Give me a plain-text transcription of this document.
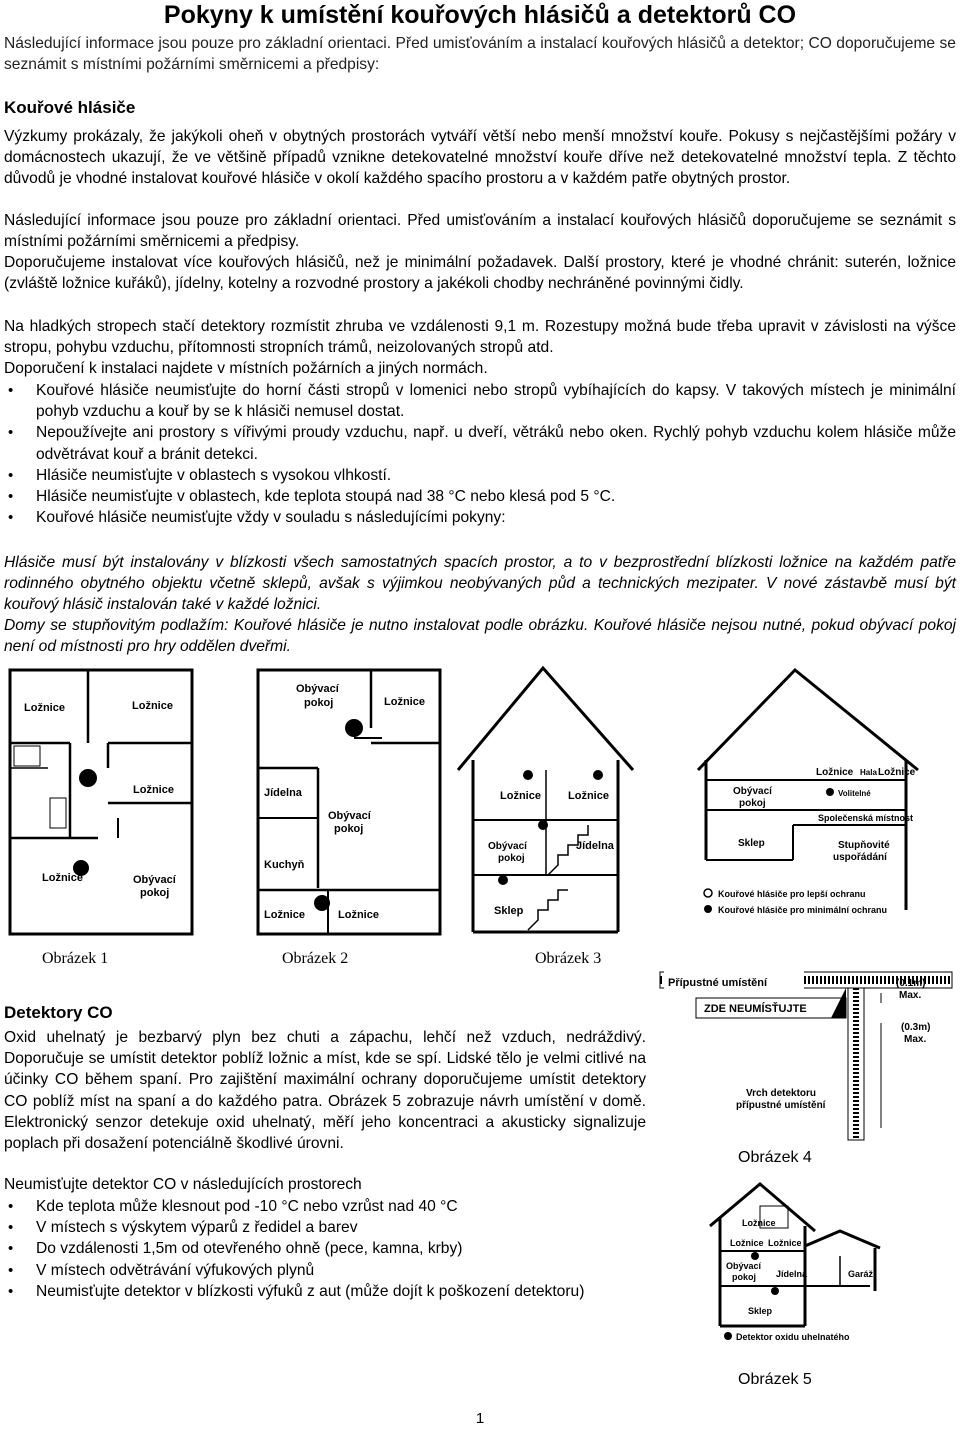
Pokyny k umístění kouřových hlásičů a detektorů CO

Následující informace jsou pouze pro základní orientaci. Před umisťováním a instalací kouřových hlásičů a detektor; CO doporučujeme se seznámit s místními požárními směrnicemi a předpisy:

Kouřové hlásiče

Výzkumy prokázaly, že jakýkoli oheň v obytných prostorách vytváří větší nebo menší množství kouře. Pokusy s nejčastějšími požáry v domácnostech ukazují, že ve většině případů vznikne detekovatelné množství kouře dříve než detekovatelné množství tepla. Z těchto důvodů je vhodné instalovat kouřové hlásiče v okolí každého spacího prostoru a v každém patře obytných prostor.

Následující informace jsou pouze pro základní orientaci. Před umisťováním a instalací kouřových hlásičů doporučujeme se seznámit s místními požárními směrnicemi a předpisy.

Doporučujeme instalovat více kouřových hlásičů, než je minimální požadavek. Další prostory, které je vhodné chránit: suterén, ložnice (zvláště ložnice kuřáků), jídelny, kotelny a rozvodné prostory a jakékoli chodby nechráněné povinnými čidly.

Na hladkých stropech stačí detektory rozmístit zhruba ve vzdálenosti 9,1 m. Rozestupy možná bude třeba upravit v závislosti na výšce stropu, pohybu vzduchu, přítomnosti stropních trámů, neizolovaných stropů atd.

Doporučení k instalaci najdete v místních požárních a jiných normách.

• Kouřové hlásiče neumisťujte do horní části stropů v lomenici nebo stropů vybíhajících do kapsy. V takových místech je minimální pohyb vzduchu a kouř by se k hlásiči nemusel dostat.
• Nepoužívejte ani prostory s vířivými proudy vzduchu, např. u dveří, větráků nebo oken. Rychlý pohyb vzduchu kolem hlásiče může odvětrávat kouř a bránit detekci.
• Hlásiče neumisťujte v oblastech s vysokou vlhkostí.
• Hlásiče neumisťujte v oblastech, kde teplota stoupá nad 38 °C nebo klesá pod 5 °C.
• Kouřové hlásiče neumisťujte vždy v souladu s následujícími pokyny:

Hlásiče musí být instalovány v blízkosti všech samostatných spacích prostor, a to v bezprostřední blízkosti ložnice na každém patře rodinného obytného objektu včetně sklepů, avšak s výjimkou neobývaných půd a technických mezipater. V nové zástavbě musí být kouřový hlásič instalován také v každé ložnici.

Domy se stupňovitým podlažím: Kouřové hlásiče je nutno instalovat podle obrázku. Kouřové hlásiče nejsou nutné, pokud obývací pokoj není od místnosti pro hry oddělen dveřmi.

Ložnice	Ložnice
Ložnice
Ložnice	Obývací
pokoj
Obývací
pokoj	Ložnice
Jídelna
Obývací
pokoj
Kuchyň
Ložnice	Ložnice
Ložnice Ložnice
Obývací
pokoj
Jídelna
Sklep
Ložnice Hala Ložnice
Obývací
pokoj
Volitelné
Společenská místnost
Sklep	Stupňovité
uspořádání
Kouřové hlásiče pro lepší ochranu
Kouřové hlásiče pro minimální ochranu
Obrázek 1	Obrázek 2	Obrázek 3
Přípustné umístění
ZDE NEUMÍSŤUJTE
Vrch detektoru
přípustné umístění
(0.1m)
Max.
(0.3m)
Max.
Obrázek 4
Ložnice
Ložnice Ložnice
Obývací
pokoj Jídelna	Garáž
Sklep
Detektor oxidu uhelnatého
Obrázek 5
Detektory CO

Oxid uhelnatý je bezbarvý plyn bez chuti a zápachu, lehčí než vzduch, nedráždivý. Doporučuje se umístit detektor poblíž ložnic a míst, kde se spí. Lidské tělo je velmi citlivé na účinky CO během spaní. Pro zajištění maximální ochrany doporučujeme umístit detektory CO poblíž míst na spaní a do každého patra. Obrázek 5 zobrazuje návrh umístění v domě. Elektronický senzor detekuje oxid uhelnatý, měří jeho koncentraci a akusticky signalizuje poplach při dosažení potenciálně škodlivé úrovni.

Neumisťujte detektor CO v následujících prostorech

• Kde teplota může klesnout pod -10 °C nebo vzrůst nad 40 °C
• V místech s výskytem výparů z ředidel a barev
• Do vzdálenosti 1,5m od otevřeného ohně (pece, kamna, krby)
• V místech odvětrávání výfukových plynů
• Neumisťujte detektor v blízkosti výfuků z aut (může dojít k poškození detektoru)
1
